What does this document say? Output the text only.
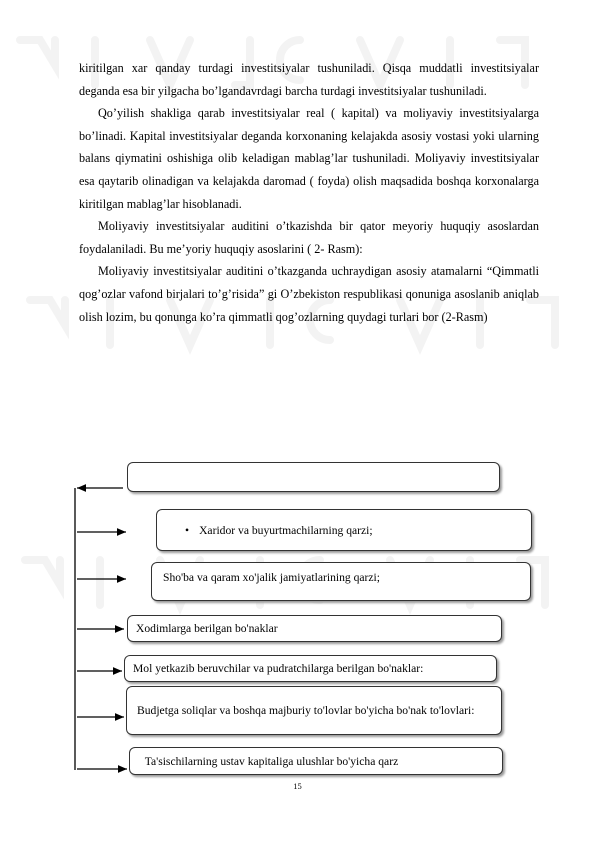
kiritilgan xar qanday turdagi investitsiyalar tushuniladi. Qisqa muddatli investitsiyalar deganda esa bir yilgacha bo’lgandavrdagi barcha turdagi investitsiyalar tushuniladi.

Qo’yilish shakliga qarab investitsiyalar real ( kapital) va moliyaviy investitsiyalarga bo’linadi. Kapital investitsiyalar deganda korxonaning kelajakda asosiy vostasi yoki ularning balans qiymatini oshishiga olib keladigan mablag’lar tushuniladi. Moliyaviy investitsiyalar esa qaytarib olinadigan va kelajakda daromad ( foyda) olish maqsadida boshqa korxonalarga kiritilgan mablag’lar hisoblanadi.

Moliyaviy investitsiyalar auditini o’tkazishda bir qator meyoriy huquqiy asoslardan foydalaniladi. Bu me’yoriy huquqiy asoslarini ( 2- Rasm):

Moliyaviy investitsiyalar auditini o’tkazganda uchraydigan asosiy atamalarni “Qimmatli qog’ozlar vafond birjalari to’g’risida” gi O’zbekiston respublikasi qonuniga asoslanib aniqlab olish lozim, bu qonunga ko’ra qimmatli qog’ozlarning quydagi turlari bor (2-Rasm)

• Xaridor va buyurtmachilarning qarzi;
Sho'ba va qaram xo'jalik jamiyatlarining qarzi;
Xodimlarga berilgan bo'naklar
Mol yetkazib beruvchilar va pudratchilarga berilgan bo'naklar:
Budjetga soliqlar va boshqa majburiy to'lovlar bo'yicha bo'nak to'lovlari:
Ta'sischilarning ustav kapitaliga ulushlar bo'yicha qarz
15
